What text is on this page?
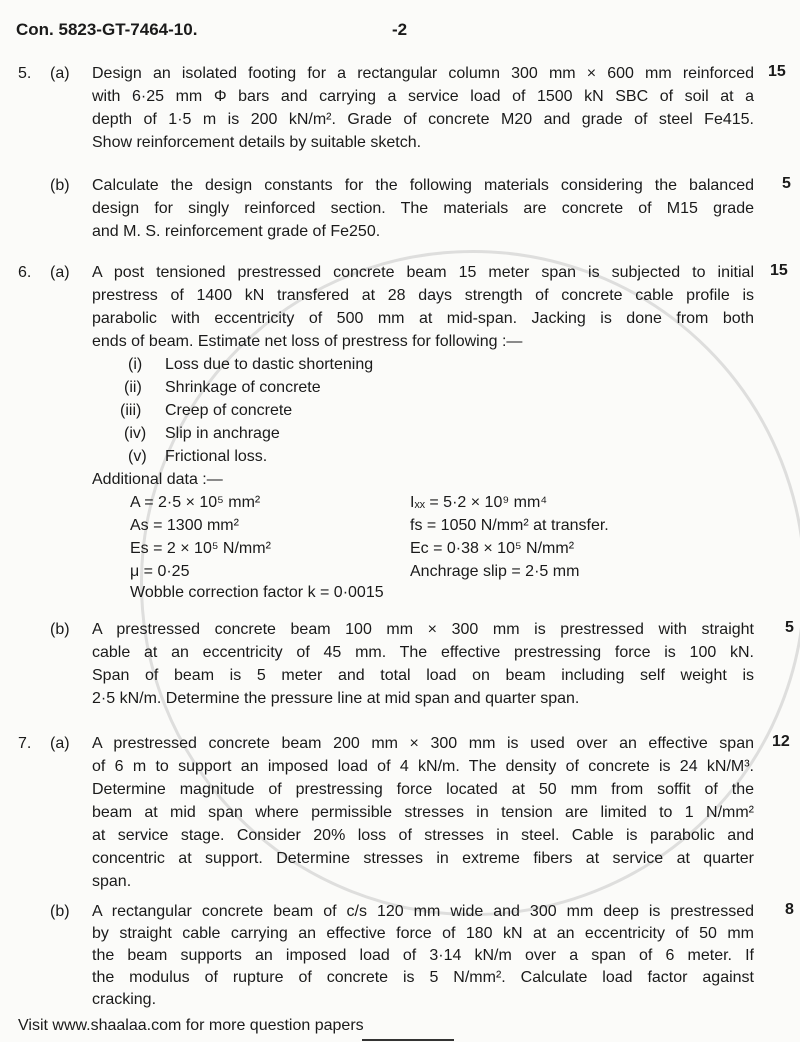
Con. 5823-GT-7464-10.	-2
5. (a)	15
Design an isolated footing for a rectangular column 300 mm × 600 mm reinforced
with 6·25 mm Φ bars and carrying a service load of 1500 kN SBC of soil at a
depth of 1·5 m is 200 kN/m². Grade of concrete M20 and grade of steel Fe415.
Show reinforcement details by suitable sketch.
(b)	5
Calculate the design constants for the following materials considering the balanced
design for singly reinforced section. The materials are concrete of M15 grade
and M. S. reinforcement grade of Fe250.
6. (a)	15
A post tensioned prestressed concrete beam 15 meter span is subjected to initial
prestress of 1400 kN transfered at 28 days strength of concrete cable profile is
parabolic with eccentricity of 500 mm at mid-span. Jacking is done from both
ends of beam. Estimate net loss of prestress for following :—
(i) Loss due to dastic shortening
(ii) Shrinkage of concrete
(iii) Creep of concrete
(iv) Slip in anchrage
(v) Frictional loss.
Additional data :—
A = 2·5 × 10⁵ mm²	Iₓₓ = 5·2 × 10⁹ mm⁴
As = 1300 mm²	fs = 1050 N/mm² at transfer.
Es = 2 × 10⁵ N/mm²	Ec = 0·38 × 10⁵ N/mm²
μ = 0·25	Anchrage slip = 2·5 mm
Wobble correction factor k = 0·0015
(b)	5
A prestressed concrete beam 100 mm × 300 mm is prestressed with straight
cable at an eccentricity of 45 mm. The effective prestressing force is 100 kN.
Span of beam is 5 meter and total load on beam including self weight is
2·5 kN/m. Determine the pressure line at mid span and quarter span.
7. (a)	12
A prestressed concrete beam 200 mm × 300 mm is used over an effective span
of 6 m to support an imposed load of 4 kN/m. The density of concrete is 24 kN/M³.
Determine magnitude of prestressing force located at 50 mm from soffit of the
beam at mid span where permissible stresses in tension are limited to 1 N/mm²
at service stage. Consider 20% loss of stresses in steel. Cable is parabolic and
concentric at support. Determine stresses in extreme fibers at service at quarter
span.
(b)	8
A rectangular concrete beam of c/s 120 mm wide and 300 mm deep is prestressed
by straight cable carrying an effective force of 180 kN at an eccentricity of 50 mm
the beam supports an imposed load of 3·14 kN/m over a span of 6 meter. If
the modulus of rupture of concrete is 5 N/mm². Calculate load factor against
cracking.
Visit www.shaalaa.com for more question papers
